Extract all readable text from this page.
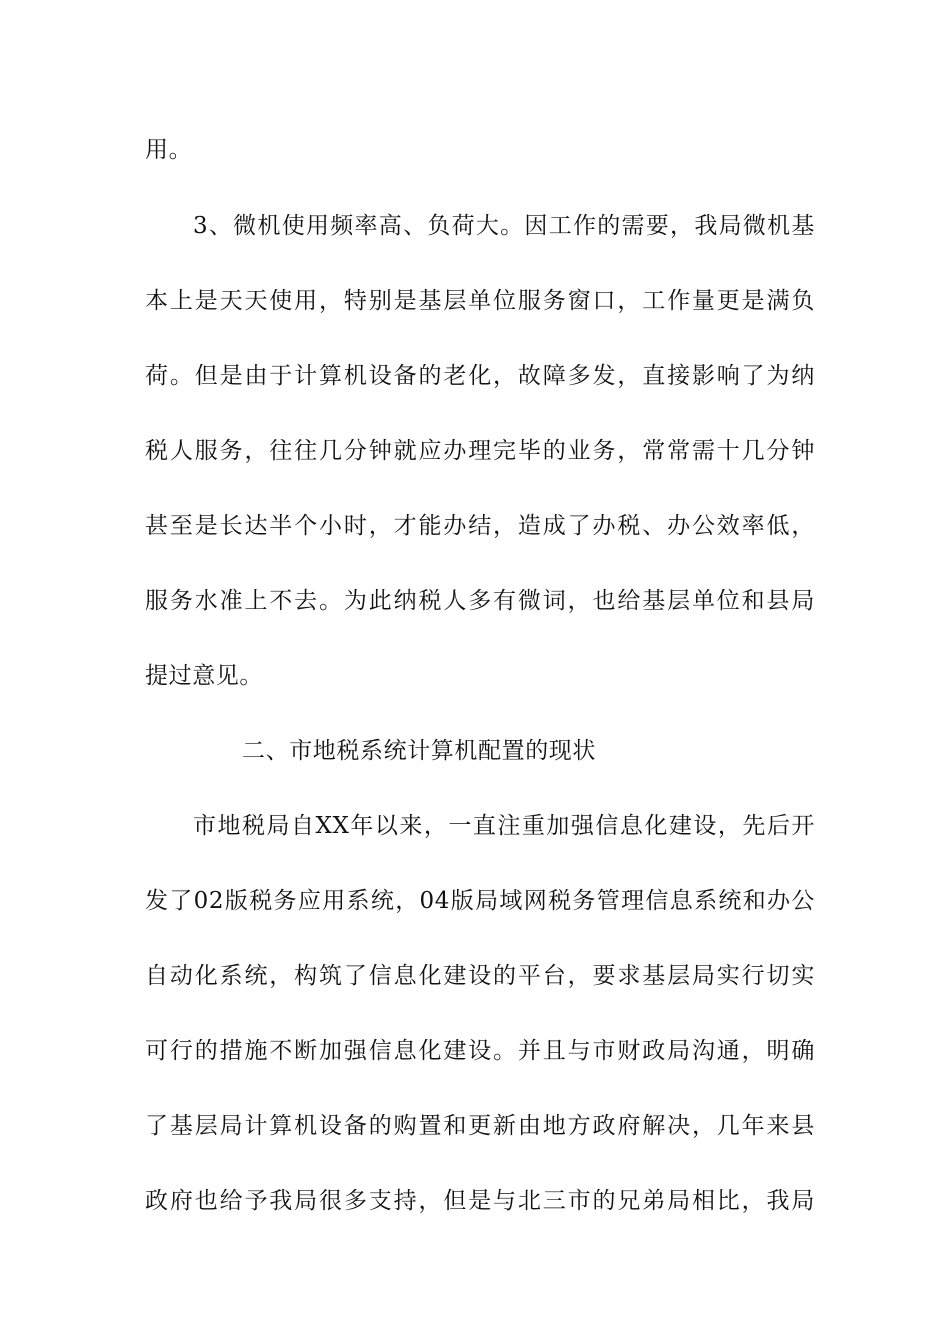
用。
3、微机使用频率高、负荷大。因工作的需要，我局微机基
本上是天天使用，特别是基层单位服务窗口，工作量更是满负
荷。但是由于计算机设备的老化，故障多发，直接影响了为纳
税人服务，往往几分钟就应办理完毕的业务，常常需十几分钟
甚至是长达半个小时，才能办结，造成了办税、办公效率低，
服务水准上不去。为此纳税人多有微词，也给基层单位和县局
提过意见。
二、市地税系统计算机配置的现状
市地税局自XX年以来，一直注重加强信息化建设，先后开
发了02版税务应用系统，04版局域网税务管理信息系统和办公
自动化系统，构筑了信息化建设的平台，要求基层局实行切实
可行的措施不断加强信息化建设。并且与市财政局沟通，明确
了基层局计算机设备的购置和更新由地方政府解决，几年来县
政府也给予我局很多支持，但是与北三市的兄弟局相比，我局
